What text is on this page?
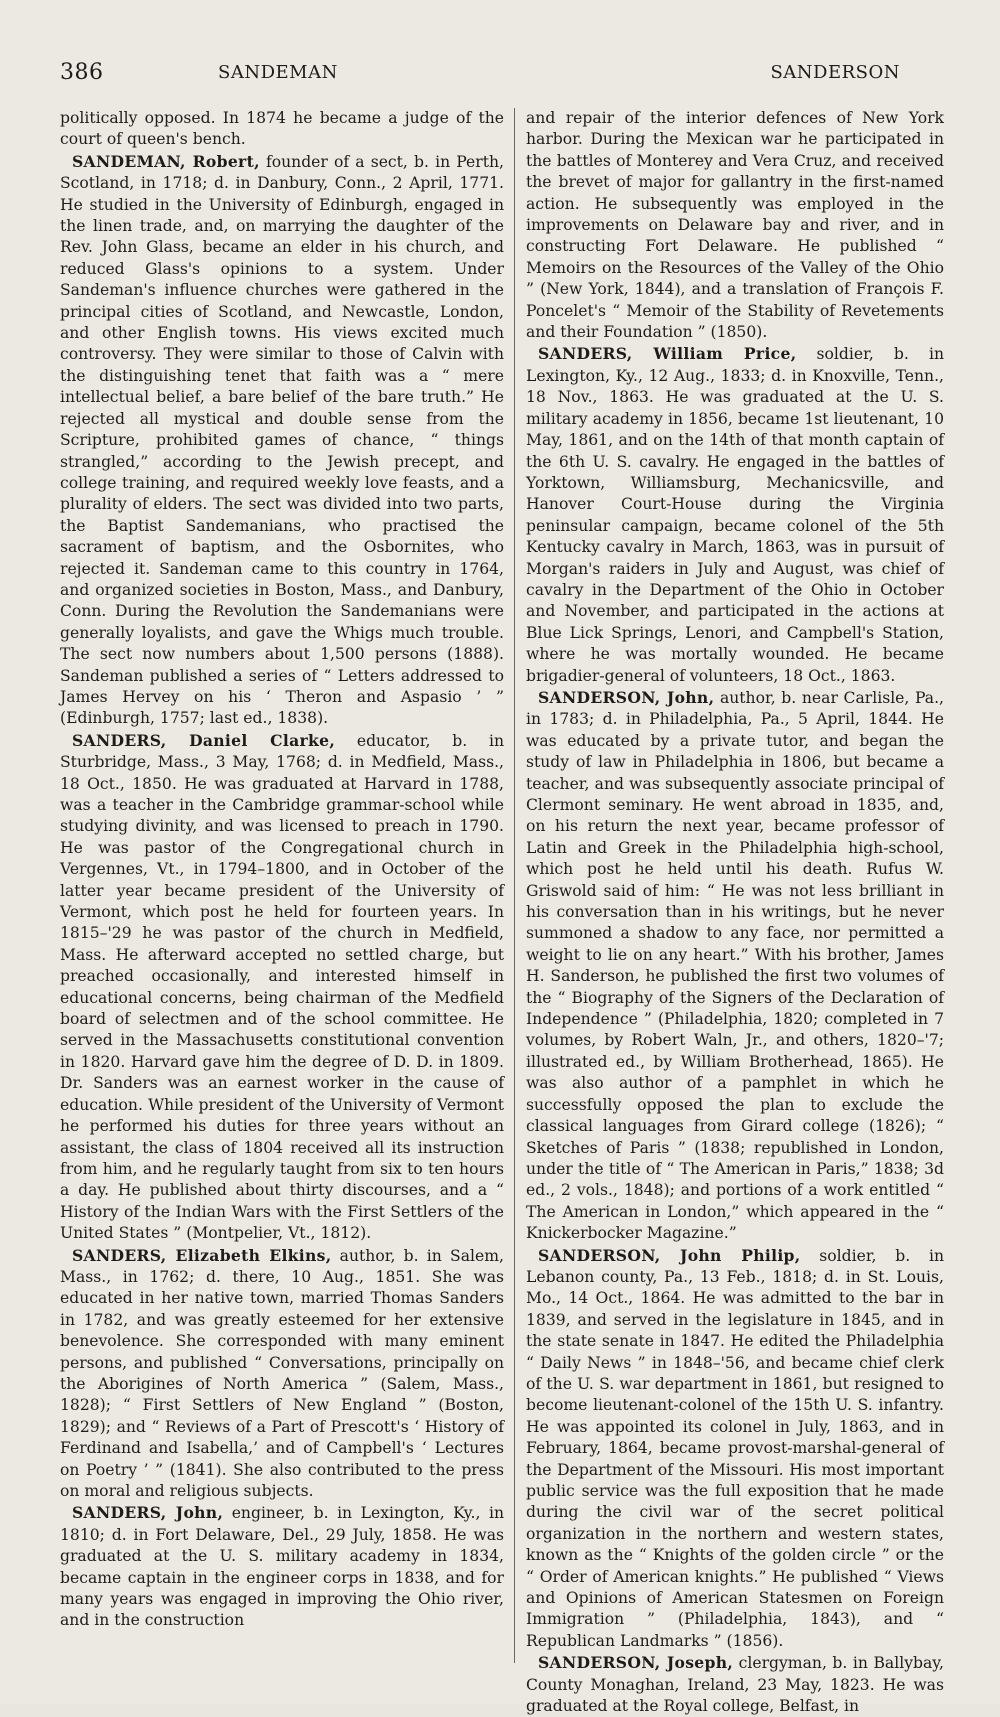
386	SANDEMAN	SANDERSON

politically opposed. In 1874 he became a judge of the court of queen's bench.

SANDEMAN, Robert, founder of a sect, b. in Perth, Scotland, in 1718; d. in Danbury, Conn., 2 April, 1771. He studied in the University of Edinburgh, engaged in the linen trade, and, on marrying the daughter of the Rev. John Glass, became an elder in his church, and reduced Glass's opinions to a system. Under Sandeman's influence churches were gathered in the principal cities of Scotland, and Newcastle, London, and other English towns. His views excited much controversy. They were similar to those of Calvin with the distinguishing tenet that faith was a “ mere intellectual belief, a bare belief of the bare truth.” He rejected all mystical and double sense from the Scripture, prohibited games of chance, “ things strangled,” according to the Jewish precept, and college training, and required weekly love feasts, and a plurality of elders. The sect was divided into two parts, the Baptist Sandemanians, who practised the sacrament of baptism, and the Osbornites, who rejected it. Sandeman came to this country in 1764, and organized societies in Boston, Mass., and Danbury, Conn. During the Revolution the Sandemanians were generally loyalists, and gave the Whigs much trouble. The sect now numbers about 1,500 persons (1888). Sandeman published a series of “ Letters addressed to James Hervey on his ‘ Theron and Aspasio ’ ” (Edinburgh, 1757; last ed., 1838).

SANDERS, Daniel Clarke, educator, b. in Sturbridge, Mass., 3 May, 1768; d. in Medfield, Mass., 18 Oct., 1850. He was graduated at Harvard in 1788, was a teacher in the Cambridge grammar-school while studying divinity, and was licensed to preach in 1790. He was pastor of the Congregational church in Vergennes, Vt., in 1794–1800, and in October of the latter year became president of the University of Vermont, which post he held for fourteen years. In 1815–'29 he was pastor of the church in Medfield, Mass. He afterward accepted no settled charge, but preached occasionally, and interested himself in educational concerns, being chairman of the Medfield board of selectmen and of the school committee. He served in the Massachusetts constitutional convention in 1820. Harvard gave him the degree of D. D. in 1809. Dr. Sanders was an earnest worker in the cause of education. While president of the University of Vermont he performed his duties for three years without an assistant, the class of 1804 received all its instruction from him, and he regularly taught from six to ten hours a day. He published about thirty discourses, and a “ History of the Indian Wars with the First Settlers of the United States ” (Montpelier, Vt., 1812).

SANDERS, Elizabeth Elkins, author, b. in Salem, Mass., in 1762; d. there, 10 Aug., 1851. She was educated in her native town, married Thomas Sanders in 1782, and was greatly esteemed for her extensive benevolence. She corresponded with many eminent persons, and published “ Conversations, principally on the Aborigines of North America ” (Salem, Mass., 1828); “ First Settlers of New England ” (Boston, 1829); and “ Reviews of a Part of Prescott's ‘ History of Ferdinand and Isabella,’ and of Campbell's ‘ Lectures on Poetry ’ ” (1841). She also contributed to the press on moral and religious subjects.

SANDERS, John, engineer, b. in Lexington, Ky., in 1810; d. in Fort Delaware, Del., 29 July, 1858. He was graduated at the U. S. military academy in 1834, became captain in the engineer corps in 1838, and for many years was engaged in improving the Ohio river, and in the construction

and repair of the interior defences of New York harbor. During the Mexican war he participated in the battles of Monterey and Vera Cruz, and received the brevet of major for gallantry in the first-named action. He subsequently was employed in the improvements on Delaware bay and river, and in constructing Fort Delaware. He published “ Memoirs on the Resources of the Valley of the Ohio ” (New York, 1844), and a translation of François F. Poncelet's “ Memoir of the Stability of Revetements and their Foundation ” (1850).

SANDERS, William Price, soldier, b. in Lexington, Ky., 12 Aug., 1833; d. in Knoxville, Tenn., 18 Nov., 1863. He was graduated at the U. S. military academy in 1856, became 1st lieutenant, 10 May, 1861, and on the 14th of that month captain of the 6th U. S. cavalry. He engaged in the battles of Yorktown, Williamsburg, Mechanicsville, and Hanover Court-House during the Virginia peninsular campaign, became colonel of the 5th Kentucky cavalry in March, 1863, was in pursuit of Morgan's raiders in July and August, was chief of cavalry in the Department of the Ohio in October and November, and participated in the actions at Blue Lick Springs, Lenori, and Campbell's Station, where he was mortally wounded. He became brigadier-general of volunteers, 18 Oct., 1863.

SANDERSON, John, author, b. near Carlisle, Pa., in 1783; d. in Philadelphia, Pa., 5 April, 1844. He was educated by a private tutor, and began the study of law in Philadelphia in 1806, but became a teacher, and was subsequently associate principal of Clermont seminary. He went abroad in 1835, and, on his return the next year, became professor of Latin and Greek in the Philadelphia high-school, which post he held until his death. Rufus W. Griswold said of him: “ He was not less brilliant in his conversation than in his writings, but he never summoned a shadow to any face, nor permitted a weight to lie on any heart.” With his brother, James H. Sanderson, he published the first two volumes of the “ Biography of the Signers of the Declaration of Independence ” (Philadelphia, 1820; completed in 7 volumes, by Robert Waln, Jr., and others, 1820–'7; illustrated ed., by William Brotherhead, 1865). He was also author of a pamphlet in which he successfully opposed the plan to exclude the classical languages from Girard college (1826); “ Sketches of Paris ” (1838; republished in London, under the title of “ The American in Paris,” 1838; 3d ed., 2 vols., 1848); and portions of a work entitled “ The American in London,” which appeared in the “ Knickerbocker Magazine.”

SANDERSON, John Philip, soldier, b. in Lebanon county, Pa., 13 Feb., 1818; d. in St. Louis, Mo., 14 Oct., 1864. He was admitted to the bar in 1839, and served in the legislature in 1845, and in the state senate in 1847. He edited the Philadelphia “ Daily News ” in 1848–'56, and became chief clerk of the U. S. war department in 1861, but resigned to become lieutenant-colonel of the 15th U. S. infantry. He was appointed its colonel in July, 1863, and in February, 1864, became provost-marshal-general of the Department of the Missouri. His most important public service was the full exposition that he made during the civil war of the secret political organization in the northern and western states, known as the “ Knights of the golden circle ” or the “ Order of American knights.” He published “ Views and Opinions of American Statesmen on Foreign Immigration ” (Philadelphia, 1843), and “ Republican Landmarks ” (1856).

SANDERSON, Joseph, clergyman, b. in Ballybay, County Monaghan, Ireland, 23 May, 1823. He was graduated at the Royal college, Belfast, in
